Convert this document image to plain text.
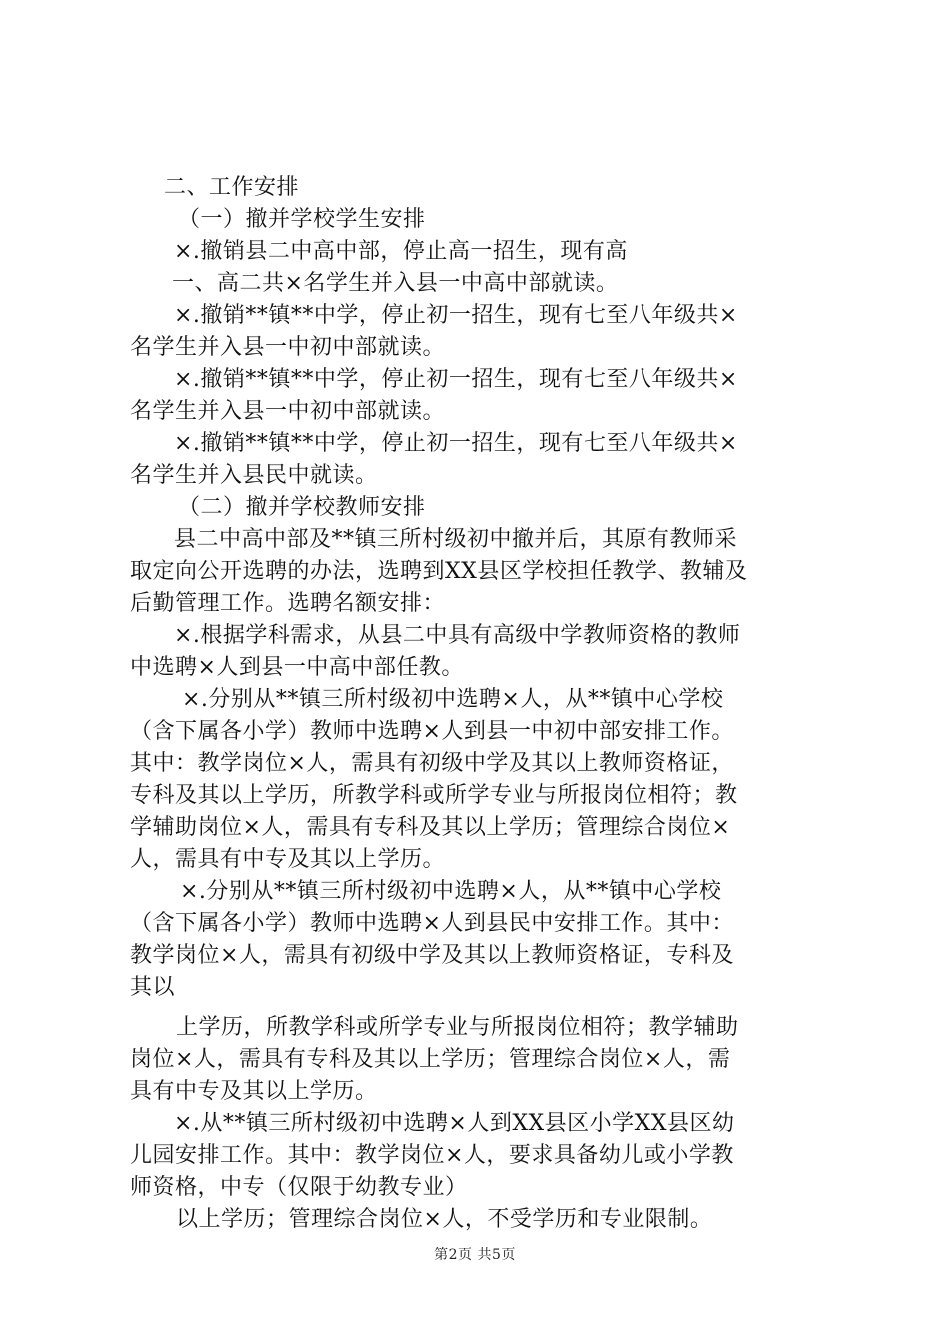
二、工作安排
（一）撤并学校学生安排
×.撤销县二中高中部，停止高一招生，现有高
一、高二共×名学生并入县一中高中部就读。
×.撤销**镇**中学，停止初一招生，现有七至八年级共×
名学生并入县一中初中部就读。
×.撤销**镇**中学，停止初一招生，现有七至八年级共×
名学生并入县一中初中部就读。
×.撤销**镇**中学，停止初一招生，现有七至八年级共×
名学生并入县民中就读。
（二）撤并学校教师安排
县二中高中部及**镇三所村级初中撤并后，其原有教师采
取定向公开选聘的办法，选聘到XX县区学校担任教学、教辅及
后勤管理工作。选聘名额安排：
×.根据学科需求，从县二中具有高级中学教师资格的教师
中选聘×人到县一中高中部任教。
×.分别从**镇三所村级初中选聘×人，从**镇中心学校
（含下属各小学）教师中选聘×人到县一中初中部安排工作。
其中：教学岗位×人，需具有初级中学及其以上教师资格证，
专科及其以上学历，所教学科或所学专业与所报岗位相符；教
学辅助岗位×人，需具有专科及其以上学历；管理综合岗位×
人，需具有中专及其以上学历。
×.分别从**镇三所村级初中选聘×人，从**镇中心学校
（含下属各小学）教师中选聘×人到县民中安排工作。其中：
教学岗位×人，需具有初级中学及其以上教师资格证，专科及
其以
上学历，所教学科或所学专业与所报岗位相符；教学辅助
岗位×人，需具有专科及其以上学历；管理综合岗位×人，需
具有中专及其以上学历。
×.从**镇三所村级初中选聘×人到XX县区小学XX县区幼
儿园安排工作。其中：教学岗位×人，要求具备幼儿或小学教
师资格，中专（仅限于幼教专业）
以上学历；管理综合岗位×人，不受学历和专业限制。
第2页 共5页
